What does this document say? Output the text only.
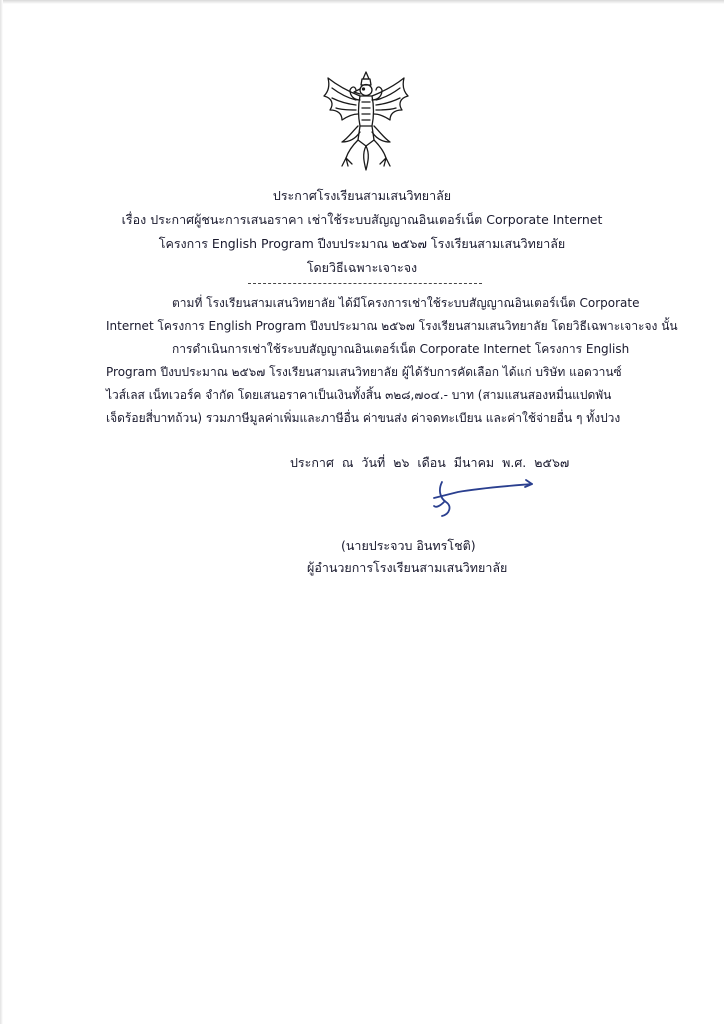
ประกาศโรงเรียนสามเสนวิทยาลัย
เรื่อง ประกาศผู้ชนะการเสนอราคา เช่าใช้ระบบสัญญาณอินเตอร์เน็ต Corporate Internet
โครงการ English Program ปีงบประมาณ ๒๕๖๗ โรงเรียนสามเสนวิทยาลัย
โดยวิธีเฉพาะเจาะจง
ตามที่ โรงเรียนสามเสนวิทยาลัย ได้มีโครงการเช่าใช้ระบบสัญญาณอินเตอร์เน็ต Corporate
Internet โครงการ English Program ปีงบประมาณ ๒๕๖๗ โรงเรียนสามเสนวิทยาลัย โดยวิธีเฉพาะเจาะจง นั้น
การดำเนินการเช่าใช้ระบบสัญญาณอินเตอร์เน็ต Corporate Internet โครงการ English
Program ปีงบประมาณ ๒๕๖๗ โรงเรียนสามเสนวิทยาลัย ผู้ได้รับการคัดเลือก ได้แก่ บริษัท แอดวานซ์
ไวส์เลส เน็ทเวอร์ค จำกัด โดยเสนอราคาเป็นเงินทั้งสิ้น ๓๒๘,๗๐๔.- บาท (สามแสนสองหมื่นแปดพัน
เจ็ดร้อยสี่บาทถ้วน) รวมภาษีมูลค่าเพิ่มและภาษีอื่น ค่าขนส่ง ค่าจดทะเบียน และค่าใช้จ่ายอื่น ๆ ทั้งปวง
ประกาศ ณ วันที่ ๒๖ เดือน มีนาคม พ.ศ. ๒๕๖๗
(นายประจวบ อินทรโชติ)
ผู้อำนวยการโรงเรียนสามเสนวิทยาลัย
